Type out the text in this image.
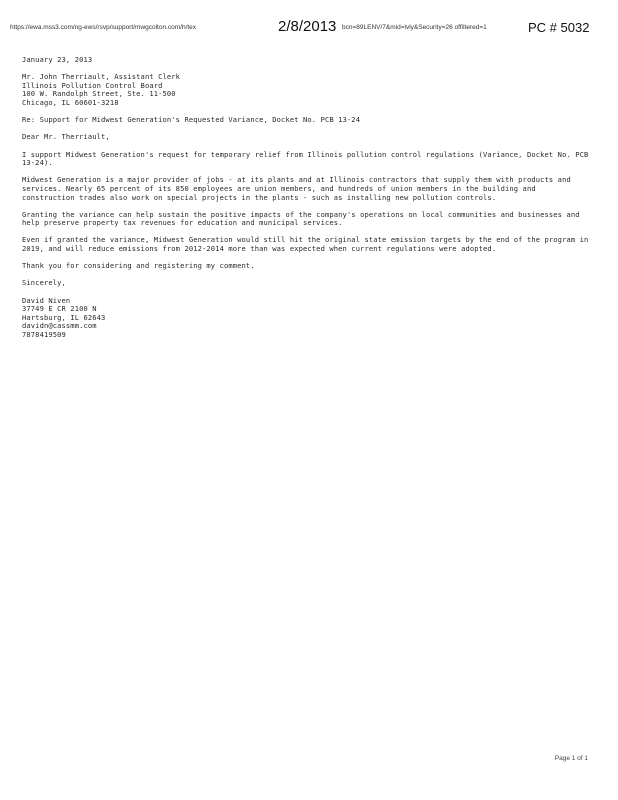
https://ewa.mss3.com/ng-ews/rsvp/support/mwgcolton.com/h/tex	2/8/2013 bcn=89LENV/7&mid=lvly&Security=26 offiltered=1	PC # 5032
January 23, 2013
Mr. John Therriault, Assistant Clerk
Illinois Pollution Control Board
100 W. Randolph Street, Ste. 11-500
Chicago, IL 60601-3218
Re: Support for Midwest Generation's Requested Variance, Docket No. PCB 13-24
Dear Mr. Therriault,
I support Midwest Generation's request for temporary relief from Illinois pollution control regulations (Variance, Docket No. PCB 13-24).
Midwest Generation is a major provider of jobs - at its plants and at Illinois contractors that supply them with products and services. Nearly 65 percent of its 850 employees are union members, and hundreds of union members in the building and construction trades also work on special projects in the plants - such as installing new pollution controls.
Granting the variance can help sustain the positive impacts of the company's operations on local communities and businesses and help preserve property tax revenues for education and municipal services.
Even if granted the variance, Midwest Generation would still hit the original state emission targets by the end of the program in 2019, and will reduce emissions from 2012-2014 more than was expected when current regulations were adopted.
Thank you for considering and registering my comment.
Sincerely,
David Niven
37749 E CR 2100 N
Hartsburg, IL 62643
davidn@cassmm.com
7878419509
Page 1 of 1
